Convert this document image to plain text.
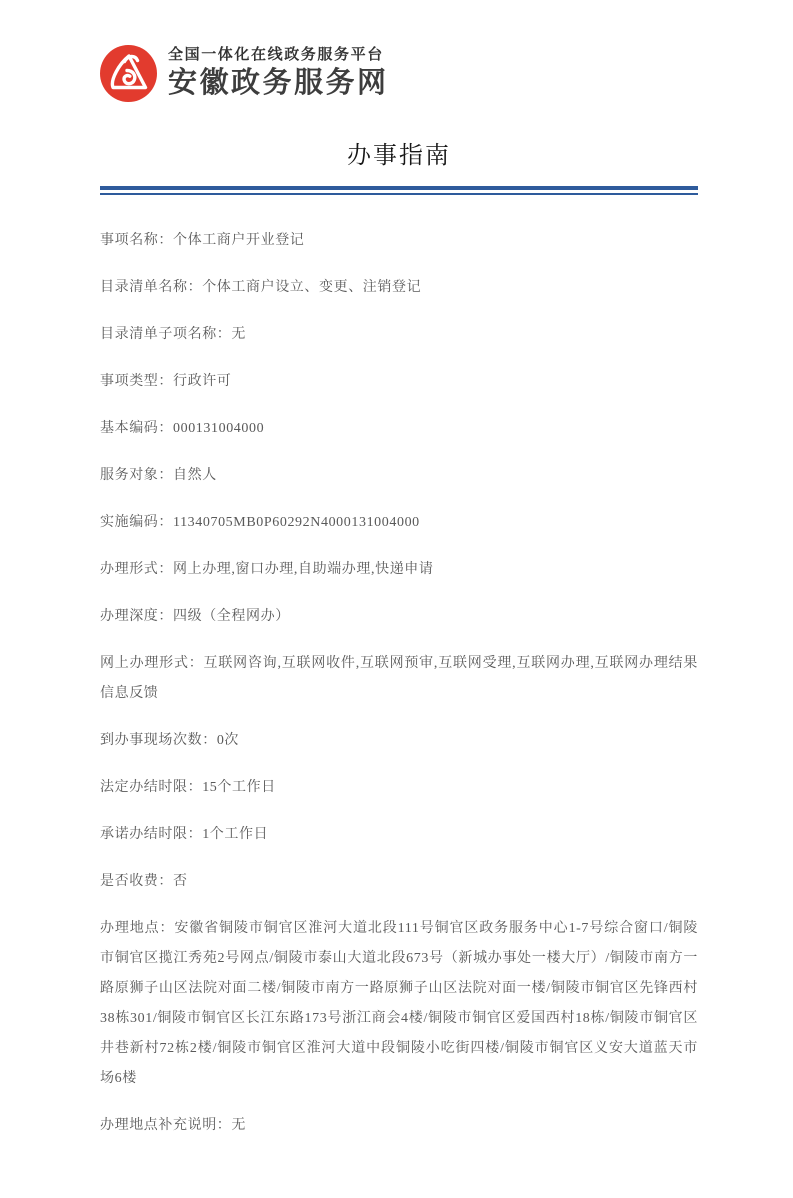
全国一体化在线政务服务平台
安徽政务服务网
办事指南
事项名称：个体工商户开业登记
目录清单名称：个体工商户设立、变更、注销登记
目录清单子项名称：无
事项类型：行政许可
基本编码：000131004000
服务对象：自然人
实施编码：11340705MB0P60292N4000131004000
办理形式：网上办理,窗口办理,自助端办理,快递申请
办理深度：四级（全程网办）
网上办理形式：互联网咨询,互联网收件,互联网预审,互联网受理,互联网办理,互联网办理结果信息反馈
到办事现场次数：0次
法定办结时限：15个工作日
承诺办结时限：1个工作日
是否收费：否
办理地点：安徽省铜陵市铜官区淮河大道北段111号铜官区政务服务中心1-7号综合窗口/铜陵市铜官区揽江秀苑2号网点/铜陵市泰山大道北段673号（新城办事处一楼大厅）/铜陵市南方一路原狮子山区法院对面二楼/铜陵市南方一路原狮子山区法院对面一楼/铜陵市铜官区先锋西村38栋301/铜陵市铜官区长江东路173号浙江商会4楼/铜陵市铜官区爱国西村18栋/铜陵市铜官区井巷新村72栋2楼/铜陵市铜官区淮河大道中段铜陵小吃街四楼/铜陵市铜官区义安大道蓝天市场6楼
办理地点补充说明：无
